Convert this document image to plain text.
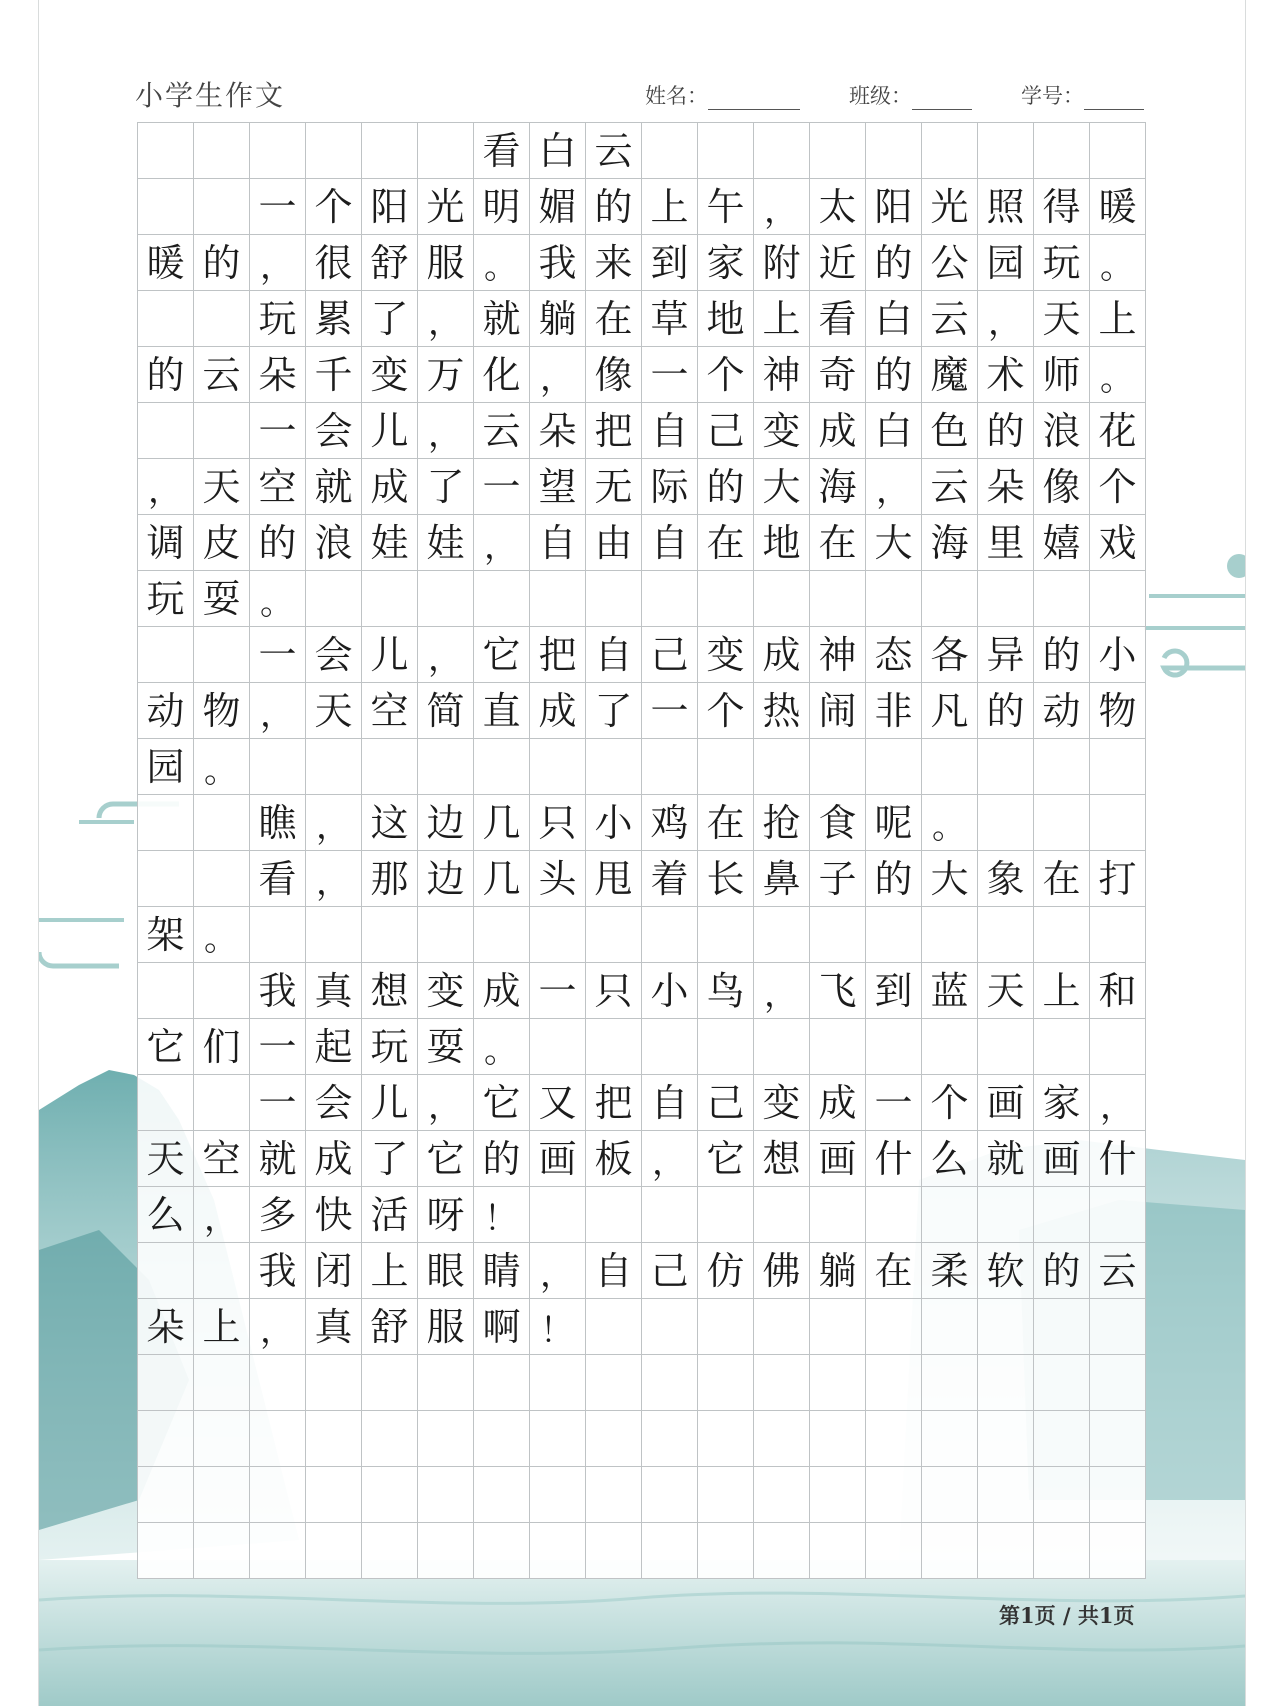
小学生作文	姓名：	班级：	学号：
看 白 云
一 个 阳 光 明 媚 的 上 午 ， 太 阳 光 照 得 暖
暖 的 ， 很 舒 服 。 我 来 到 家 附 近 的 公 园 玩 。
玩 累 了 ， 就 躺 在 草 地 上 看 白 云 ， 天 上
的 云 朵 千 变 万 化 ， 像 一 个 神 奇 的 魔 术 师 。
一 会 儿 ， 云 朵 把 自 己 变 成 白 色 的 浪 花
， 天 空 就 成 了 一 望 无 际 的 大 海 ， 云 朵 像 个
调 皮 的 浪 娃 娃 ， 自 由 自 在 地 在 大 海 里 嬉 戏
玩 耍 。
一 会 儿 ， 它 把 自 己 变 成 神 态 各 异 的 小
动 物 ， 天 空 简 直 成 了 一 个 热 闹 非 凡 的 动 物
园 。
瞧 ， 这 边 几 只 小 鸡 在 抢 食 呢 。
看 ， 那 边 几 头 甩 着 长 鼻 子 的 大 象 在 打
架 。
我 真 想 变 成 一 只 小 鸟 ， 飞 到 蓝 天 上 和
它 们 一 起 玩 耍 。
一 会 儿 ， 它 又 把 自 己 变 成 一 个 画 家 ，
天 空 就 成 了 它 的 画 板 ， 它 想 画 什 么 就 画 什
么 ， 多 快 活 呀 ！
我 闭 上 眼 睛 ， 自 己 仿 佛 躺 在 柔 软 的 云
朵 上 ， 真 舒 服 啊 ！
第1页 / 共1页
